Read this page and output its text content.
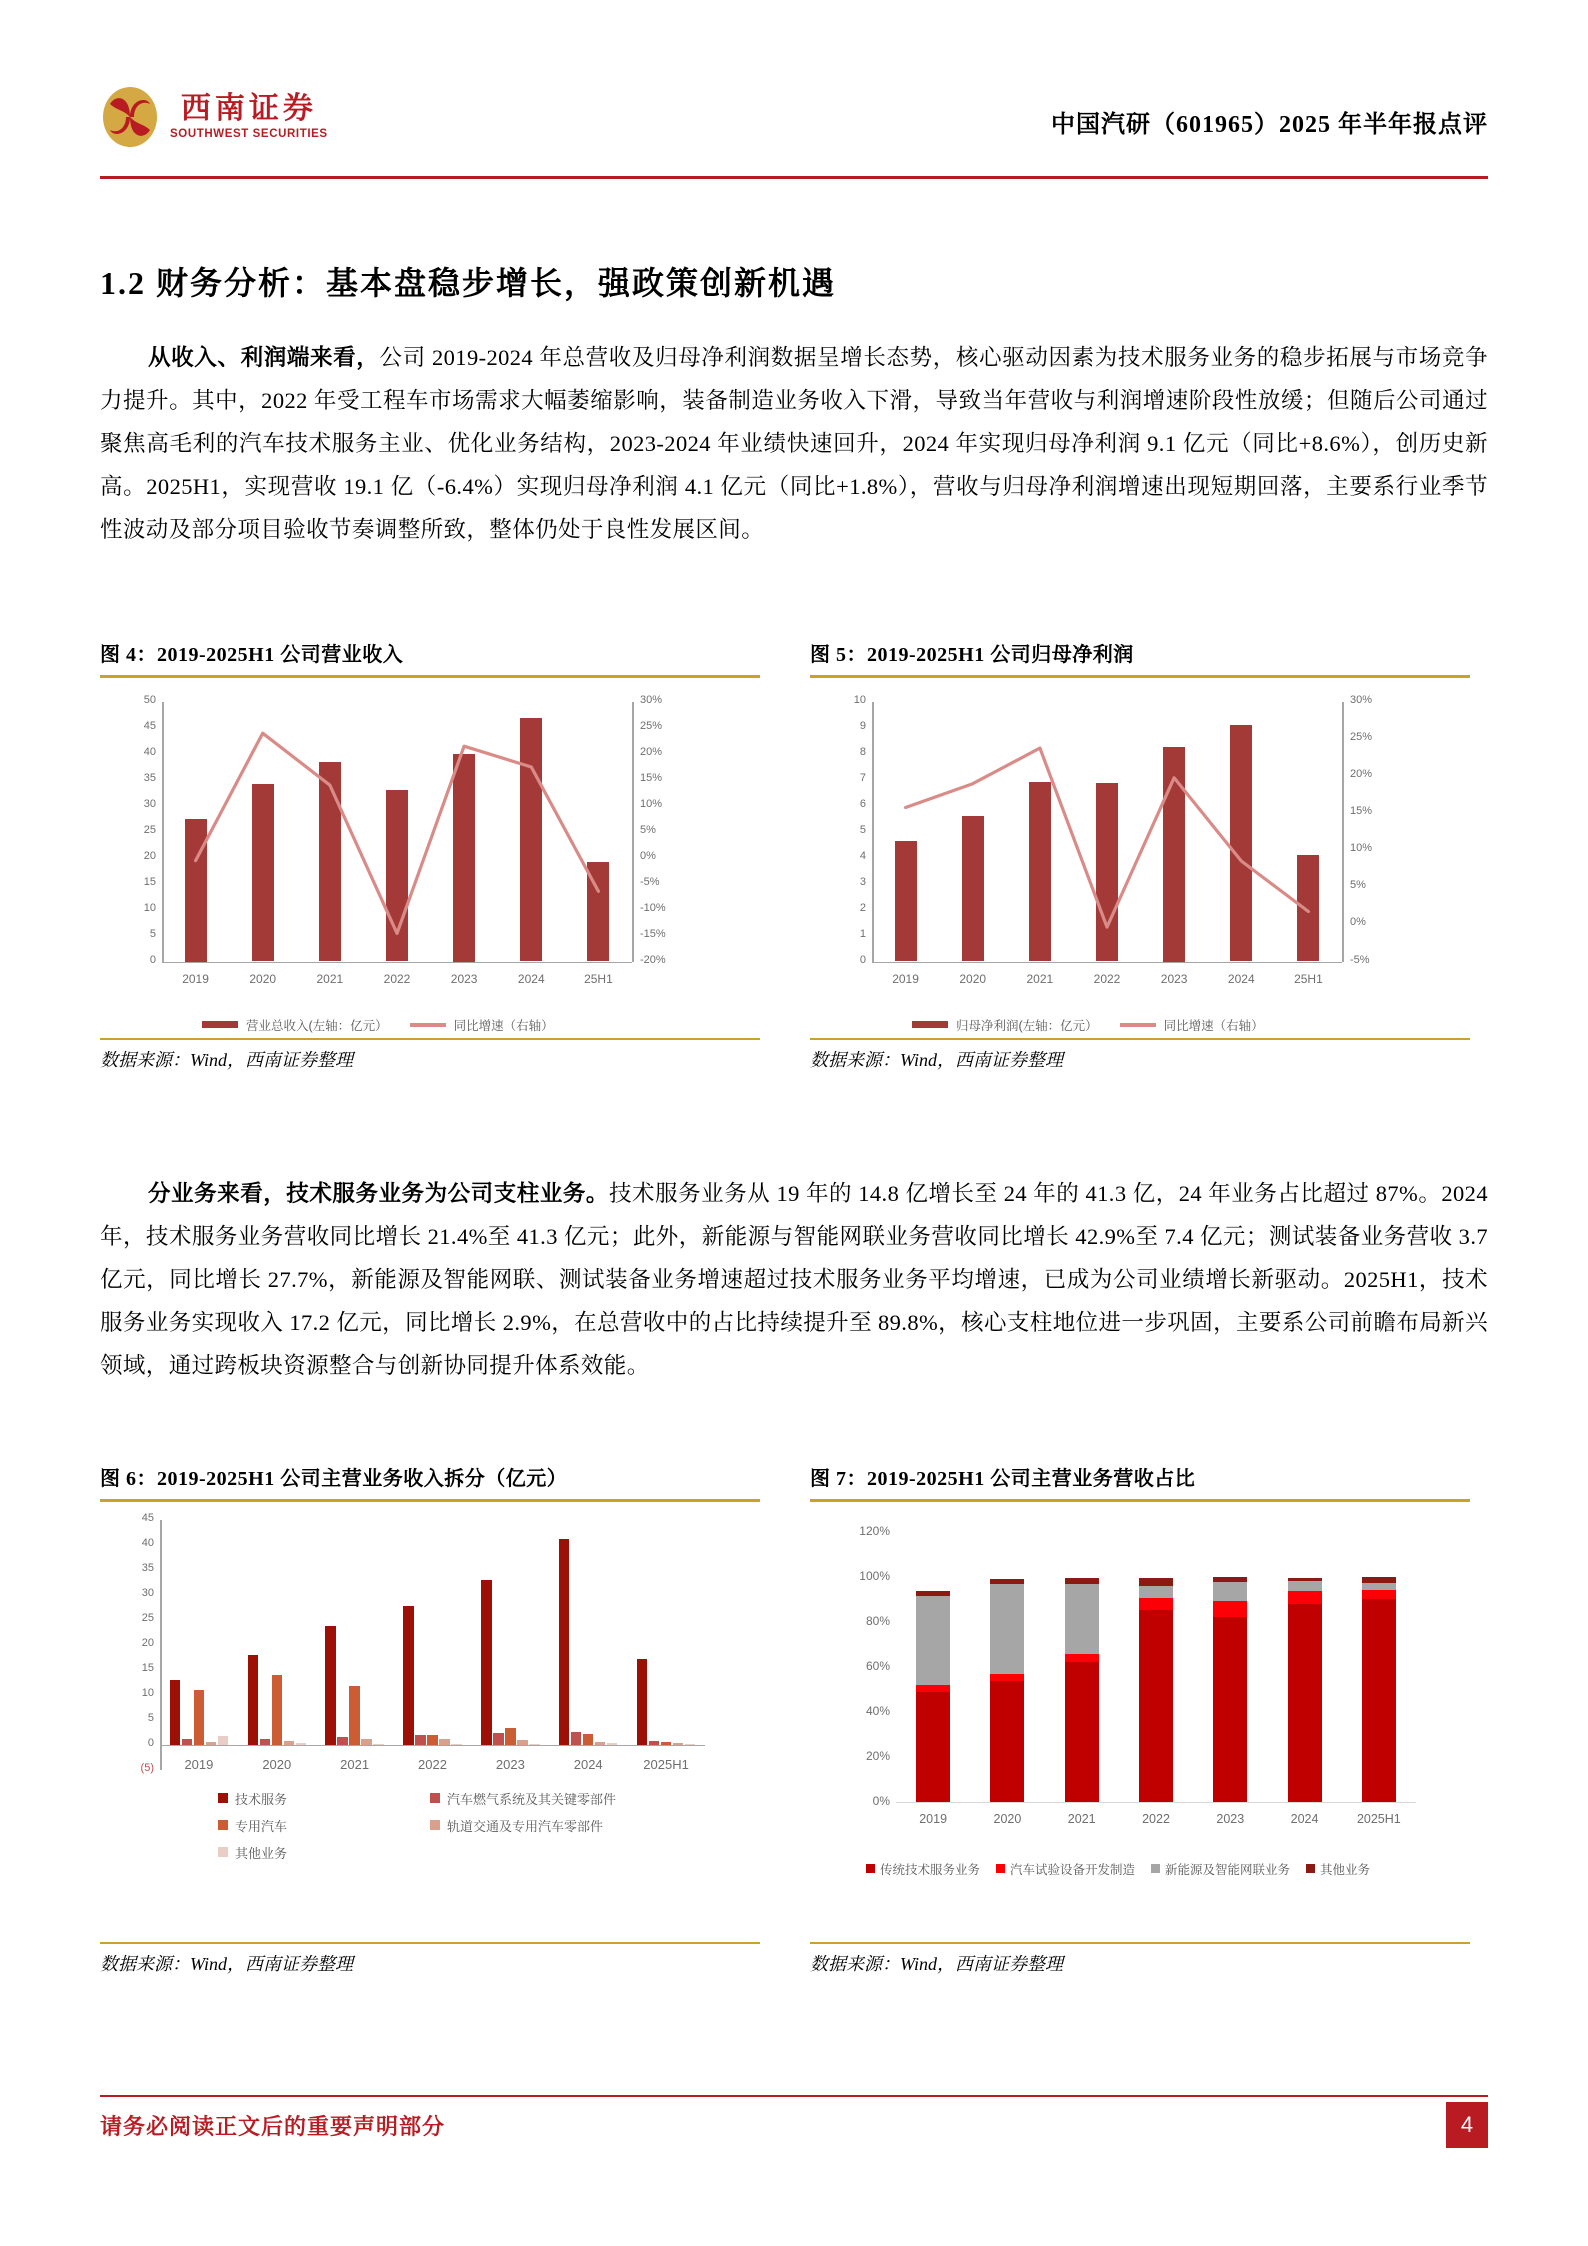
西南证券
SOUTHWEST SECURITIES	中国汽研（601965）2025 年半年报点评
1.2 财务分析：基本盘稳步增长，强政策创新机遇
从收入、利润端来看，公司 2019-2024 年总营收及归母净利润数据呈增长态势，核心驱动因素为技术服务业务的稳步拓展与市场竞争力提升。其中，2022 年受工程车市场需求大幅萎缩影响，装备制造业务收入下滑，导致当年营收与利润增速阶段性放缓；但随后公司通过聚焦高毛利的汽车技术服务主业、优化业务结构，2023-2024 年业绩快速回升，2024 年实现归母净利润 9.1 亿元（同比+8.6%），创历史新高。2025H1，实现营收 19.1 亿（-6.4%）实现归母净利润 4.1 亿元（同比+1.8%），营收与归母净利润增速出现短期回落，主要系行业季节性波动及部分项目验收节奏调整所致，整体仍处于良性发展区间。
图 4：2019-2025H1 公司营业收入
0
5
10
15
20
25
30
35
40
45
50
-20%
-15%
-10%
-5%
0%
5%
10%
15%
20%
25%
30%
2019	2020	2021	2022	2023	2024	25H1
营业总收入(左轴：亿元）	同比增速（右轴）
数据来源：Wind，西南证券整理
图 5：2019-2025H1 公司归母净利润
0
1
2
3
4
5
6
7
8
9
10
-5%
0%
5%
10%
15%
20%
25%
30%
2019	2020	2021	2022	2023	2024	25H1
归母净利润(左轴：亿元）	同比增速（右轴）
数据来源：Wind，西南证券整理
分业务来看，技术服务业务为公司支柱业务。技术服务业务从 19 年的 14.8 亿增长至 24 年的 41.3 亿，24 年业务占比超过 87%。2024 年，技术服务业务营收同比增长 21.4%至 41.3 亿元；此外，新能源与智能网联业务营收同比增长 42.9%至 7.4 亿元；测试装备业务营收 3.7 亿元，同比增长 27.7%，新能源及智能网联、测试装备业务增速超过技术服务业务平均增速，已成为公司业绩增长新驱动。2025H1，技术服务业务实现收入 17.2 亿元，同比增长 2.9%，在总营收中的占比持续提升至 89.8%，核心支柱地位进一步巩固，主要系公司前瞻布局新兴领域，通过跨板块资源整合与创新协同提升体系效能。
图 6：2019-2025H1 公司主营业务收入拆分（亿元）
45
40
35
30
25
20
15
10
5
0
(5)	2019	2020	2021	2022	2023	2024	2025H1
技术服务	汽车燃气系统及其关键零部件
专用汽车	轨道交通及专用汽车零部件
其他业务
数据来源：Wind，西南证券整理
图 7：2019-2025H1 公司主营业务营收占比
120%
100%
80%
60%
40%
20%
0%
2019	2020	2021	2022	2023	2024	2025H1
传统技术服务业务 汽车试验设备开发制造 新能源及智能网联业务 其他业务
数据来源：Wind，西南证券整理
请务必阅读正文后的重要声明部分	4
